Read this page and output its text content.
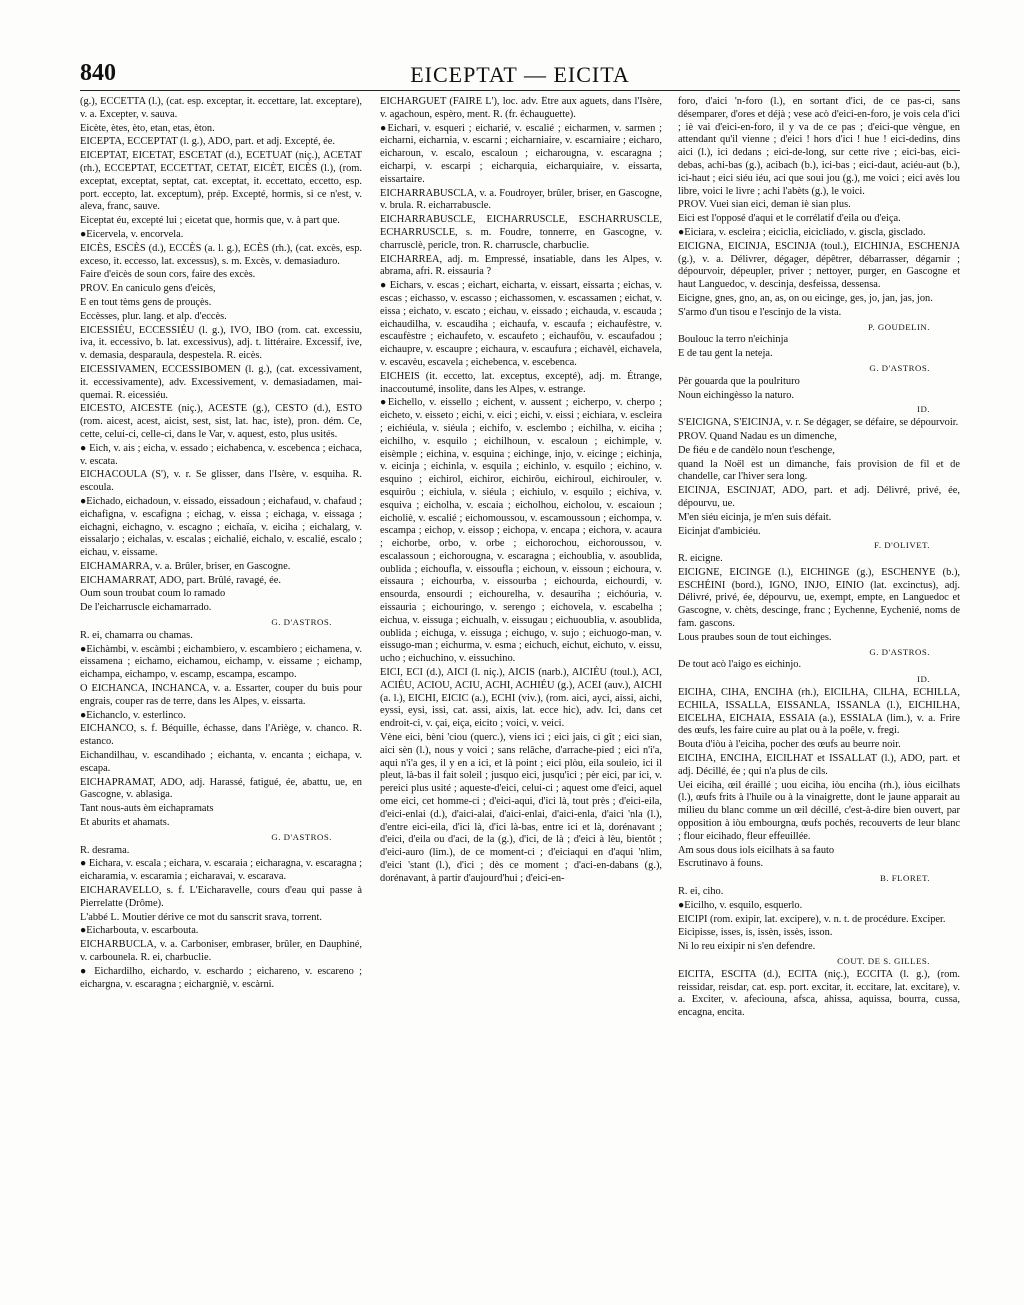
840	EICEPTAT — EICITA

(g.), ECCETTA (l.), (cat. esp. exceptar, it. eccettare, lat. exceptare), v. a. Excepter, v. sauva.

Eicète, ètes, èto, etan, etas, èton.

EICEPTA, ECCEPTAT (l. g.), ADO, part. et adj. Excepté, ée.

EICEPTAT, EICETAT, ESCETAT (d.), ECETUAT (niç.), ACETAT (rh.), ECCEPTAT, ECCETTAT, CETAT, EICÈT, EICÈS (l.), (rom. exceptat, exceptat, septat, cat. exceptat, it. eccettato, eccetto, esp. port. eccepto, lat. exceptum), prép. Excepté, hormis, si ce n'est, v. aleva, franc, sauve.

Eiceptat éu, excepté lui ; eicetat que, hormis que, v. à part que.

●Eicervela, v. encorvela.

EICÈS, ESCÈS (d.), ECCÈS (a. l. g.), ECÈS (rh.), (cat. excès, esp. exceso, it. eccesso, lat. excessus), s. m. Excès, v. demasiaduro.

Faire d'eicès de soun cors, faire des excès.

PROV. En caniculo gens d'eicès,

E en tout tèms gens de prouçès.

Eccèsses, plur. lang. et alp. d'eccès.

EICESSIÉU, ECCESSIÉU (l. g.), IVO, IBO (rom. cat. excessiu, iva, it. eccessivo, b. lat. excessivus), adj. t. littéraire. Excessif, ive, v. demasia, desparaula, despestela. R. eicès.

EICESSIVAMEN, ECCESSIBOMEN (l. g.), (cat. excessivament, it. eccessivamente), adv. Excessivement, v. demasiadamen, mai-quemai. R. eicessiéu.

EICESTO, AICESTE (niç.), ACESTE (g.), CESTO (d.), ESTO (rom. aicest, acest, aicist, sest, sist, lat. hac, iste), pron. dém. Ce, cette, celui-ci, celle-ci, dans le Var, v. aquest, esto, plus usités.

● Eich, v. ais ; eicha, v. essado ; eichabenca, v. escebenca ; eichaca, v. escata.

EICHACOULA (S'), v. r. Se glisser, dans l'Isère, v. esquiha. R. escoula.

●Eichado, eichadoun, v. eissado, eissadoun ; eichafaud, v. chafaud ; eichafigna, v. escafigna ; eichag, v. eissa ; eichaga, v. eissaga ; eichagni, eichagno, v. escagno ; eichaïa, v. eiciha ; eichalarg, v. eissalarjo ; eichalas, v. escalas ; eichalié, eichalo, v. escalié, escalo ; eichau, v. eissame.

EICHAMARRA, v. a. Brûler, briser, en Gascogne.

EICHAMARRAT, ADO, part. Brûlé, ravagé, ée.

Oum soun troubat coum lo ramado

De l'eicharruscle eichamarrado.

G. D'ASTROS.

R. ei, chamarra ou chamas.

●Eichàmbi, v. escàmbi ; eichambiero, v. escambiero ; eichamena, v. eissamena ; eichamo, eichamou, eichamp, v. eissame ; eichamp, eichampa, eichampo, v. escamp, escampa, escampo.

O EICHANCA, INCHANCA, v. a. Essarter, couper du buis pour engrais, couper ras de terre, dans les Alpes, v. eissarta.

●Eichanclo, v. esterlinco.

EICHANCO, s. f. Béquille, échasse, dans l'Ariège, v. chanco. R. estanco.

Eichandilhau, v. escandihado ; eichanta, v. encanta ; eichapa, v. escapa.

EICHAPRAMAT, ADO, adj. Harassé, fatigué, ée, abattu, ue, en Gascogne, v. ablasiga.

Tant nous-auts èm eichapramats

Et aburits et ahamats.

G. D'ASTROS.

R. desrama.

● Eichara, v. escala ; eichara, v. escaraia ; eicharagna, v. escaragna ; eicharamia, v. escaramia ; eicharavai, v. escarava.

EICHARAVELLO, s. f. L'Eicharavelle, cours d'eau qui passe à Pierrelatte (Drôme).

L'abbé L. Moutier dérive ce mot du sanscrit srava, torrent.

●Eicharbouta, v. escarbouta.

EICHARBUCLA, v. a. Carboniser, embraser, brûler, en Dauphiné, v. carbounela. R. ei, charbuclie.

● Eichardilho, eichardo, v. eschardo ; eichareno, v. escareno ; eichargna, v. escaragna ; eichargniè, v. escàrni.

EICHARGUET (FAIRE L'), loc. adv. Être aux aguets, dans l'Isère, v. agachoun, espèro, ment. R. (fr. échauguette).

●Eichari, v. esqueri ; eicharié, v. escalié ; eicharmen, v. sarmen ; eicharni, eicharnia, v. escarni ; eicharniaire, v. escarniaire ; eicharo, eicharoun, v. escalo, escaloun ; eicharougna, v. escaragna ; eicharpi, v. escarpi ; eicharquia, eicharquiaire, v. eissarta, eissartaire.

EICHARRABUSCLA, v. a. Foudroyer, brûler, briser, en Gascogne, v. brula. R. eicharrabuscle.

EICHARRABUSCLE, EICHARRUSCLE, ESCHARRUSCLE, ECHARRUSCLE, s. m. Foudre, tonnerre, en Gascogne, v. charrusclè, pericle, tron. R. charruscle, charbuclie.

EICHARREA, adj. m. Empressé, insatiable, dans les Alpes, v. abrama, afri. R. eissauria ?

● Eichars, v. escas ; eichart, eicharta, v. eissart, eissarta ; eichas, v. escas ; eichasso, v. escasso ; eichassomen, v. escassamen ; eichat, v. eissa ; eichato, v. escato ; eichau, v. eissado ; eichauda, v. escauda ; eichaudilha, v. escaudiha ; eichaufa, v. escaufa ; eichaufèstre, v. escaufèstre ; eichaufeto, v. escaufeto ; eichaufôu, v. escaufadou ; eichaupre, v. escaupre ; eichaura, v. escaufura ; eichavèl, eichavela, v. escavèu, escavela ; eichebenca, v. escebenca.

EICHEIS (it. eccetto, lat. exceptus, excepté), adj. m. Étrange, inaccoutumé, insolite, dans les Alpes, v. estrange.

●Eichello, v. eissello ; eichent, v. aussent ; eicherpo, v. cherpo ; eicheto, v. eisseto ; eichi, v. eici ; eichi, v. eissi ; eichiara, v. escleira ; eichiéula, v. siéula ; eichifo, v. esclembo ; eichilha, v. eiciha ; eichilho, v. esquilo ; eichilhoun, v. escaloun ; eichimple, v. eisèmple ; eichina, v. esquina ; eichinge, injo, v. eicinge ; eichinja, v. eicinja ; eichinla, v. esquila ; eichinlo, v. esquilo ; eichino, v. esquino ; eichirol, eichiror, eichirôu, eichiroul, eichirouler, v. esquirôu ; eichiula, v. siéula ; eichiulo, v. esquilo ; eichiva, v. esquiva ; eicholha, v. escaia ; eicholhou, eicholou, v. escaioun ; eicholiè, v. escalié ; eichomoussou, v. escamoussoun ; eichompa, v. escampa ; eichop, v. eissop ; eichopa, v. encapa ; eichora, v. acaura ; eichorbe, orbo, v. orbe ; eichorochou, eichoroussou, v. escalassoun ; eichorougna, v. escaragna ; eichoublia, v. asoublida, oublida ; eichoufla, v. eissoufla ; eichoun, v. eissoun ; eichoura, v. eissaura ; eichourba, v. eissourba ; eichourda, eichourdi, v. ensourda, ensourdi ; eichourelha, v. desauriha ; eichóuria, v. eissauria ; eichouringo, v. serengo ; eichovela, v. escabelha ; eichua, v. eissuga ; eichualh, v. eissugau ; eichuoublia, v. asoublida, oublida ; eichuga, v. eissuga ; eichugo, v. sujo ; eichuogo-man, v. eissugo-man ; eichurma, v. esma ; eichuch, eichut, eichuto, v. eissu, ucho ; eichuchino, v. eissuchino.

EICI, ECI (d.), AICI (l. niç.), AICIS (narb.), AICIÉU (toul.), ACI, ACIÉU, ACIOU, ACIU, ACHI, ACHIÉU (g.), ACEI (auv.), AICHI (a. l.), EICHI, EICIC (a.), ECHI (viv.), (rom. aici, ayci, aissi, aichi, eyssi, eysi, issi, cat. assi, aixis, lat. ecce hic), adv. Ici, dans cet endroit-ci, v. çai, eiça, eicito ; voici, v. veici.

Vène eici, bèni 'ciou (querc.), viens ici ; eici jais, ci gît ; eici sian, aici sèn (l.), nous y voici ; sans relâche, d'arrache-pied ; eici n'i'a, aqui n'i'a ges, il y en a ici, et là point ; eici plòu, eila souleio, ici il pleut, là-bas il fait soleil ; jusquo eici, jusqu'ici ; pèr eici, par ici, v. pereici plus usité ; aqueste-d'eici, celui-ci ; aquest ome d'eici, aquel ome eici, cet homme-ci ; d'eici-aqui, d'ici là, tout près ; d'eici-eila, d'eici-enlai (d.), d'aici-alai, d'aici-enlai, d'aici-enla, d'aici 'nla (l.), d'entre eici-eila, d'ici là, d'ici là-bas, entre ici et là, dorénavant ; d'eici, d'eila ou d'aci, de la (g.), d'ici, de là ; d'eici à lèu, bientôt ; d'eici-auro (lim.), de ce moment-ci ; d'eiciaqui en d'aqui 'nlim, d'eici 'stant (l.), d'ici ; dès ce moment ; d'aci-en-dabans (g.), dorénavant, à partir d'aujourd'hui ; d'eici-en-

foro, d'aici 'n-foro (l.), en sortant d'ici, de ce pas-ci, sans désemparer, d'ores et déjà ; vese acò d'eici-en-foro, je vois cela d'ici ; iè vai d'eici-en-foro, il y va de ce pas ; d'eici-que vèngue, en attendant qu'il vienne ; d'eici ! hors d'ici ! hue ! eici-dedins, dins aici (l.), ici dedans ; eici-de-long, sur cette rive ; eici-bas, eici-debas, achi-bas (g.), acibach (b.), ici-bas ; eici-daut, aciéu-aut (b.), ici-haut ; eici siéu iéu, aci que soui jou (g.), me voici ; eici avès lou libre, voici le livre ; achi l'abèts (g.), le voici.

PROV. Vuei sian eici, deman iè sian plus.

Eici est l'opposé d'aqui et le corrélatif d'eila ou d'eiça.

●Eiciara, v. escleira ; eiciclia, eicicliado, v. giscla, gisclado.

EICIGNA, EICINJA, ESCINJA (toul.), EICHINJA, ESCHENJA (g.), v. a. Délivrer, dégager, dépêtrer, débarrasser, dégarnir ; dépourvoir, dépeupler, priver ; nettoyer, purger, en Gascogne et haut Languedoc, v. descinja, desfeissa, dessensa.

Eicigne, gnes, gno, an, as, on ou eicinge, ges, jo, jan, jas, jon.

S'armo d'un tisou e l'escinjo de la vista.

P. GOUDELIN.

Boulouc la terro n'eichinja

E de tau gent la neteja.

G. D'ASTROS.

Pèr gouarda que la poulrituro

Noun eichingèsso la naturo.

ID.

S'EICIGNA, S'EICINJA, v. r. Se dégager, se défaire, se dépourvoir.

PROV. Quand Nadau es un dimenche,

De fiéu e de candèlo noun t'eschenge,

quand la Noël est un dimanche, fais provision de fil et de chandelle, car l'hiver sera long.

EICINJA, ESCINJAT, ADO, part. et adj. Délivré, privé, ée, dépourvu, ue.

M'en siéu eicinja, je m'en suis défait.

Eicinjat d'ambiciéu.

F. D'OLIVET.

R. eicigne.

EICIGNE, EICINGE (l.), EICHINGE (g.), ESCHENYE (b.), ESCHÉINI (bord.), IGNO, INJO, EINIO (lat. excinctus), adj. Délivré, privé, ée, dépourvu, ue, exempt, empte, en Languedoc et Gascogne, v. chèts, descinge, franc ; Eychenne, Eychenié, noms de fam. gascons.

Lous praubes soun de tout eichinges.

G. D'ASTROS.

De tout acò l'aigo es eichinjo.

ID.

EICIHA, CIHA, ENCIHA (rh.), EICILHA, CILHA, ECHILLA, ECHILA, ISSALLA, EISSANLA, ISSANLA (l.), EICHILHA, EICELHA, EICHAIA, ESSAIA (a.), ESSIALA (lim.), v. a. Frire des œufs, les faire cuire au plat ou à la poêle, v. fregi.

Bouta d'iòu à l'eiciha, pocher des œufs au beurre noir.

EICIHA, ENCIHA, EICILHAT et ISSALLAT (l.), ADO, part. et adj. Décillé, ée ; qui n'a plus de cils.

Uei eiciha, œil éraillé ; uou eiciha, iòu enciha (rh.), iòus eicilhats (l.), œufs frits à l'huile ou à la vinaigrette, dont le jaune apparait au milieu du blanc comme un œil décillé, c'est-à-dire bien ouvert, par opposition à iòu embourgna, œufs pochés, recouverts de leur blanc ; flour eicihado, fleur effeuillée.

Am sous dous iols eicilhats à sa fauto

Escrutinavo à founs.

B. FLORET.

R. ei, ciho.

●Eicilho, v. esquilo, esquerlo.

EICIPI (rom. exipir, lat. excipere), v. n. t. de procédure. Exciper.

Eicipisse, isses, is, issèn, issès, isson.

Ni lo reu eixipir ni s'en defendre.

COUT. DE S. GILLES.

EICITA, ESCITA (d.), ECITA (niç.), ECCITA (l. g.), (rom. reissidar, reisdar, cat. esp. port. excitar, it. eccitare, lat. excitare), v. a. Exciter, v. afeciouna, afsca, ahissa, aquissa, bourra, cussa, encagna, encita.
